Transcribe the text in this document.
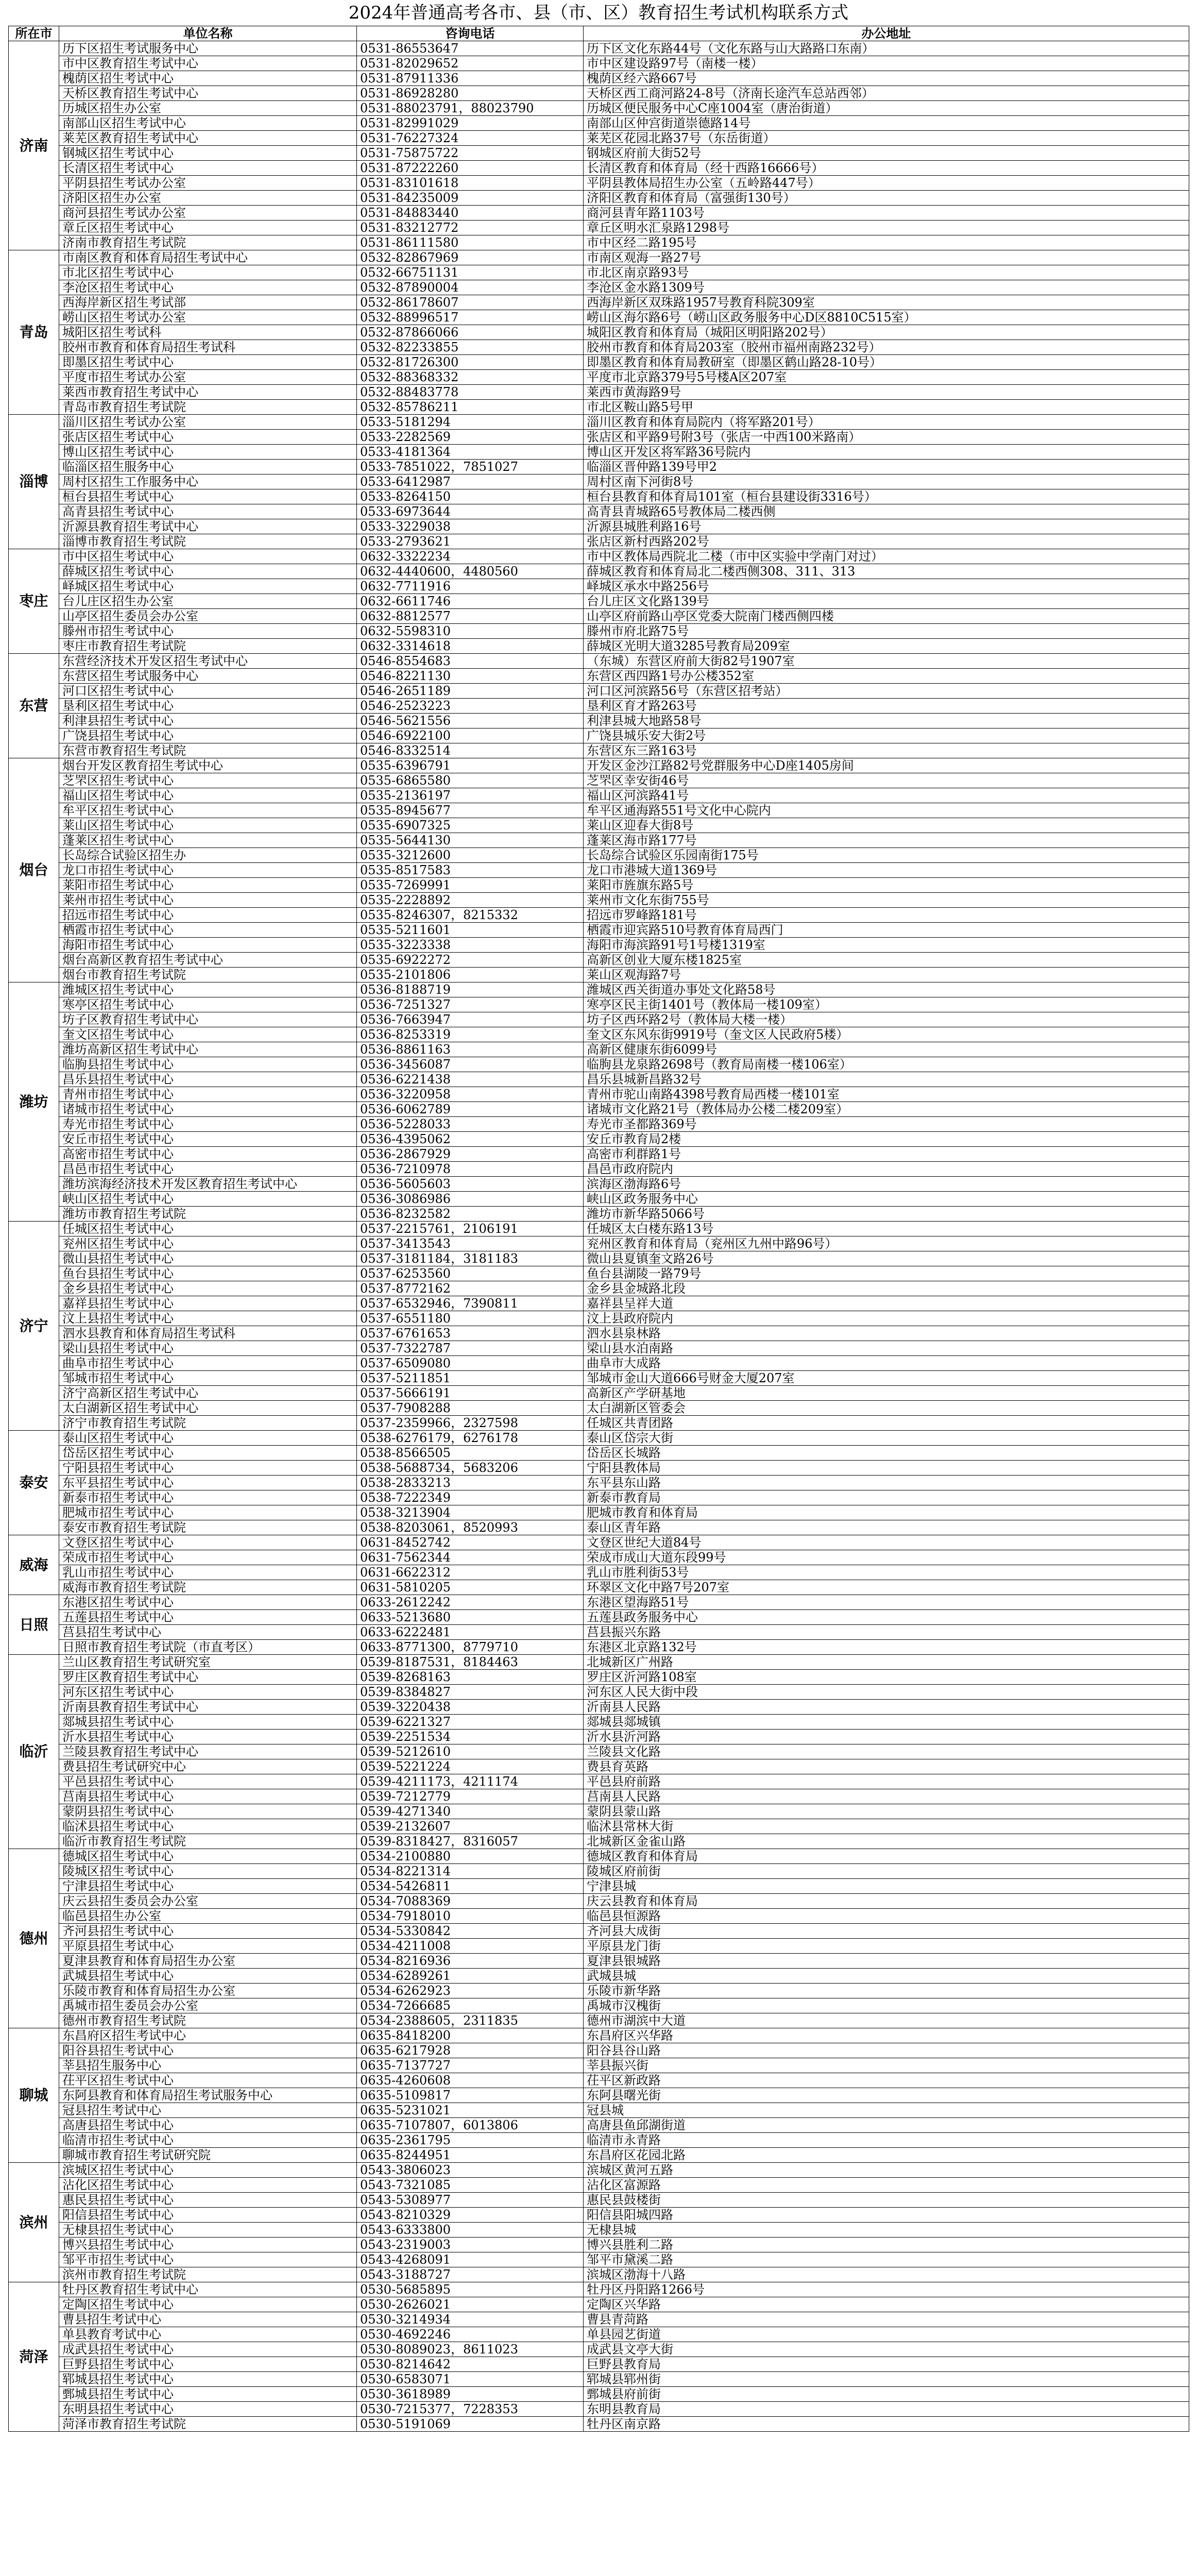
2024年普通高考各市、县（市、区）教育招生考试机构联系方式
所在市	单位名称	咨询电话	办公地址
济南	历下区招生考试服务中心	0531-86553647	历下区文化东路44号（文化东路与山大路路口东南）
	市中区教育招生考试中心	0531-82029652	市中区建设路97号（南楼一楼）
	槐荫区招生考试中心	0531-87911336	槐荫区经六路667号
	天桥区教育招生考试中心	0531-86928280	天桥区西工商河路24-8号（济南长途汽车总站西邻）
	历城区招生办公室	0531-88023791，88023790	历城区便民服务中心C座1004室（唐治街道）
	南部山区招生考试中心	0531-82991029	南部山区仲宫街道崇德路14号
	莱芜区教育招生考试中心	0531-76227324	莱芜区花园北路37号（东岳街道）
	钢城区招生考试中心	0531-75875722	钢城区府前大街52号
	长清区招生考试中心	0531-87222260	长清区教育和体育局（经十西路16666号）
	平阴县招生考试办公室	0531-83101618	平阴县教体局招生办公室（五岭路447号）
	济阳区招生办公室	0531-84235009	济阳区教育和体育局（富强街130号）
	商河县招生考试办公室	0531-84883440	商河县青年路1103号
	章丘区招生考试中心	0531-83212772	章丘区明水汇泉路1298号
	济南市教育招生考试院	0531-86111580	市中区经二路195号
青岛	市南区教育和体育局招生考试中心	0532-82867969	市南区观海一路27号
	市北区招生考试中心	0532-66751131	市北区南京路93号
	李沧区招生考试中心	0532-87890004	李沧区金水路1309号
	西海岸新区招生考试部	0532-86178607	西海岸新区双珠路1957号教育科院309室
	崂山区招生考试办公室	0532-88996517	崂山区海尔路6号（崂山区政务服务中心D区8810C515室）
	城阳区招生考试科	0532-87866066	城阳区教育和体育局（城阳区明阳路202号）
	胶州市教育和体育局招生考试科	0532-82233855	胶州市教育和体育局203室（胶州市福州南路232号）
	即墨区招生考试中心	0532-81726300	即墨区教育和体育局教研室（即墨区鹤山路28-10号）
	平度市招生考试办公室	0532-88368332	平度市北京路379号5号楼A区207室
	莱西市教育招生考试中心	0532-88483778	莱西市黄海路9号
	青岛市教育招生考试院	0532-85786211	市北区鞍山路5号甲
淄博	淄川区招生考试办公室	0533-5181294	淄川区教育和体育局院内（将军路201号）
	张店区招生考试中心	0533-2282569	张店区和平路9号附3号（张店一中西100米路南）
	博山区招生考试中心	0533-4181364	博山区开发区将军路36号院内
	临淄区招生服务中心	0533-7851022，7851027	临淄区晋仲路139号甲2
	周村区招生工作服务中心	0533-6412987	周村区南下河街8号
	桓台县招生考试中心	0533-8264150	桓台县教育和体育局101室（桓台县建设街3316号）
	高青县招生考试中心	0533-6973644	高青县青城路65号教体局二楼西侧
	沂源县教育招生考试中心	0533-3229038	沂源县城胜利路16号
	淄博市教育招生考试院	0533-2793621	张店区新村西路202号
枣庄	市中区招生考试中心	0632-3322234	市中区教体局西院北二楼（市中区实验中学南门对过）
	薛城区招生考试中心	0632-4440600，4480560	薛城区教育和体育局北二楼西侧308、311、313
	峄城区招生考试中心	0632-7711916	峄城区承水中路256号
	台儿庄区招生办公室	0632-6611746	台儿庄区文化路139号
	山亭区招生委员会办公室	0632-8812577	山亭区府前路山亭区党委大院南门楼西侧四楼
	滕州市招生考试中心	0632-5598310	滕州市府北路75号
	枣庄市教育招生考试院	0632-3314618	薛城区光明大道3285号教育局209室
东营	东营经济技术开发区招生考试中心	0546-8554683	（东城）东营区府前大街82号1907室
	东营区招生考试服务中心	0546-8221130	东营区西四路1号办公楼352室
	河口区招生考试中心	0546-2651189	河口区河滨路56号（东营区招考站）
	垦利区招生考试中心	0546-2523223	垦利区育才路263号
	利津县招生考试中心	0546-5621556	利津县城大地路58号
	广饶县招生考试中心	0546-6922100	广饶县城乐安大街2号
	东营市教育招生考试院	0546-8332514	东营区东三路163号
烟台	烟台开发区教育招生考试中心	0535-6396791	开发区金沙江路82号党群服务中心D座1405房间
	芝罘区招生考试中心	0535-6865580	芝罘区幸安街46号
	福山区招生考试中心	0535-2136197	福山区河滨路41号
	牟平区招生考试中心	0535-8945677	牟平区通海路551号文化中心院内
	莱山区招生考试中心	0535-6907325	莱山区迎春大街8号
	蓬莱区招生考试中心	0535-5644130	蓬莱区海市路177号
	长岛综合试验区招生办	0535-3212600	长岛综合试验区乐园南街175号
	龙口市招生考试中心	0535-8517583	龙口市港城大道1369号
	莱阳市招生考试中心	0535-7269991	莱阳市旌旗东路5号
	莱州市招生考试中心	0535-2228892	莱州市文化东街755号
	招远市招生考试中心	0535-8246307，8215332	招远市罗峰路181号
	栖霞市招生考试中心	0535-5211601	栖霞市迎宾路510号教育体育局西门
	海阳市招生考试中心	0535-3223338	海阳市海滨路91号1号楼1319室
	烟台高新区教育招生考试中心	0535-6922272	高新区创业大厦东楼1825室
	烟台市教育招生考试院	0535-2101806	莱山区观海路7号
潍坊	潍城区招生考试中心	0536-8188719	潍城区西关街道办事处文化路58号
	寒亭区招生考试中心	0536-7251327	寒亭区民主街1401号（教体局一楼109室）
	坊子区教育招生考试中心	0536-7663947	坊子区西环路2号（教体局大楼一楼）
	奎文区招生考试中心	0536-8253319	奎文区东风东街9919号（奎文区人民政府5楼）
	潍坊高新区招生考试中心	0536-8861163	高新区健康东街6099号
	临朐县招生考试中心	0536-3456087	临朐县龙泉路2698号（教育局南楼一楼106室）
	昌乐县招生考试中心	0536-6221438	昌乐县城新昌路32号
	青州市招生考试中心	0536-3220958	青州市驼山南路4398号教育局西楼一楼101室
	诸城市招生考试中心	0536-6062789	诸城市文化路21号（教体局办公楼二楼209室）
	寿光市招生考试中心	0536-5228033	寿光市圣都路369号
	安丘市招生考试中心	0536-4395062	安丘市教育局2楼
	高密市招生考试中心	0536-2867929	高密市利群路1号
	昌邑市招生考试中心	0536-7210978	昌邑市政府院内
	潍坊滨海经济技术开发区教育招生考试中心	0536-5605603	滨海区渤海路6号
	峡山区招生考试中心	0536-3086986	峡山区政务服务中心
	潍坊市教育招生考试院	0536-8232582	潍坊市新华路5066号
济宁	任城区招生考试中心	0537-2215761，2106191	任城区太白楼东路13号
	兖州区招生考试中心	0537-3413543	兖州区教育和体育局（兖州区九州中路96号）
	微山县招生考试中心	0537-3181184，3181183	微山县夏镇奎文路26号
	鱼台县招生考试中心	0537-6253560	鱼台县湖陵一路79号
	金乡县招生考试中心	0537-8772162	金乡县金城路北段
	嘉祥县招生考试中心	0537-6532946，7390811	嘉祥县呈祥大道
	汶上县招生考试中心	0537-6551180	汶上县政府院内
	泗水县教育和体育局招生考试科	0537-6761653	泗水县泉林路
	梁山县招生考试中心	0537-7322787	梁山县水泊南路
	曲阜市招生考试中心	0537-6509080	曲阜市大成路
	邹城市招生考试中心	0537-5211851	邹城市金山大道666号财金大厦207室
	济宁高新区招生考试中心	0537-5666191	高新区产学研基地
	太白湖新区招生考试中心	0537-7908288	太白湖新区管委会
	济宁市教育招生考试院	0537-2359966，2327598	任城区共青团路
泰安	泰山区招生考试中心	0538-6276179，6276178	泰山区岱宗大街
	岱岳区招生考试中心	0538-8566505	岱岳区长城路
	宁阳县招生考试中心	0538-5688734，5683206	宁阳县教体局
	东平县招生考试中心	0538-2833213	东平县东山路
	新泰市招生考试中心	0538-7222349	新泰市教育局
	肥城市招生考试中心	0538-3213904	肥城市教育和体育局
	泰安市教育招生考试院	0538-8203061，8520993	泰山区青年路
威海	文登区招生考试中心	0631-8452742	文登区世纪大道84号
	荣成市招生考试中心	0631-7562344	荣成市成山大道东段99号
	乳山市招生考试中心	0631-6622312	乳山市胜利街53号
	威海市教育招生考试院	0631-5810205	环翠区文化中路7号207室
日照	东港区招生考试中心	0633-2612242	东港区望海路51号
	五莲县招生考试中心	0633-5213680	五莲县政务服务中心
	莒县招生考试中心	0633-6222481	莒县振兴东路
	日照市教育招生考试院（市直考区）	0633-8771300，8779710	东港区北京路132号
临沂	兰山区教育招生考试研究室	0539-8187531，8184463	北城新区广州路
	罗庄区教育招生考试中心	0539-8268163	罗庄区沂河路108室
	河东区招生考试中心	0539-8384827	河东区人民大街中段
	沂南县教育招生考试中心	0539-3220438	沂南县人民路
	郯城县招生考试中心	0539-6221327	郯城县郯城镇
	沂水县招生考试中心	0539-2251534	沂水县沂河路
	兰陵县教育招生考试中心	0539-5212610	兰陵县文化路
	费县招生考试研究中心	0539-5221224	费县育英路
	平邑县招生考试中心	0539-4211173，4211174	平邑县府前路
	莒南县招生考试中心	0539-7212779	莒南县人民路
	蒙阴县招生考试中心	0539-4271340	蒙阴县蒙山路
	临沭县招生考试中心	0539-2132607	临沭县常林大街
	临沂市教育招生考试院	0539-8318427，8316057	北城新区金雀山路
德州	德城区招生考试中心	0534-2100880	德城区教育和体育局
	陵城区招生考试中心	0534-8221314	陵城区府前街
	宁津县招生考试中心	0534-5426811	宁津县城
	庆云县招生委员会办公室	0534-7088369	庆云县教育和体育局
	临邑县招生办公室	0534-7918010	临邑县恒源路
	齐河县招生考试中心	0534-5330842	齐河县大成街
	平原县招生考试中心	0534-4211008	平原县龙门街
	夏津县教育和体育局招生办公室	0534-8216936	夏津县银城路
	武城县招生考试中心	0534-6289261	武城县城
	乐陵市教育和体育局招生办公室	0534-6262923	乐陵市新华路
	禹城市招生委员会办公室	0534-7266685	禹城市汉槐街
	德州市教育招生考试院	0534-2388605，2311835	德州市湖滨中大道
聊城	东昌府区招生考试中心	0635-8418200	东昌府区兴华路
	阳谷县招生考试中心	0635-6217928	阳谷县谷山路
	莘县招生服务中心	0635-7137727	莘县振兴街
	茌平区招生考试中心	0635-4260608	茌平区新政路
	东阿县教育和体育局招生考试服务中心	0635-5109817	东阿县曙光街
	冠县招生考试中心	0635-5231021	冠县城
	高唐县招生考试中心	0635-7107807，6013806	高唐县鱼邱湖街道
	临清市招生考试中心	0635-2361795	临清市永青路
	聊城市教育招生考试研究院	0635-8244951	东昌府区花园北路
滨州	滨城区招生考试中心	0543-3806023	滨城区黄河五路
	沾化区招生考试中心	0543-7321085	沾化区富源路
	惠民县招生考试中心	0543-5308977	惠民县鼓楼街
	阳信县招生考试中心	0543-8210329	阳信县阳城四路
	无棣县招生考试中心	0543-6333800	无棣县城
	博兴县招生考试中心	0543-2319003	博兴县胜利二路
	邹平市招生考试中心	0543-4268091	邹平市黛溪二路
	滨州市教育招生考试院	0543-3188727	滨城区渤海十八路
菏泽	牡丹区教育招生考试中心	0530-5685895	牡丹区丹阳路1266号
	定陶区招生考试中心	0530-2626021	定陶区兴华路
	曹县招生考试中心	0530-3214934	曹县青菏路
	单县教育考试中心	0530-4692246	单县园艺街道
	成武县招生考试中心	0530-8089023，8611023	成武县文亭大街
	巨野县招生考试中心	0530-8214642	巨野县教育局
	郓城县招生考试中心	0530-6583071	郓城县郓州街
	鄄城县招生考试中心	0530-3618989	鄄城县府前街
	东明县招生考试中心	0530-7215377，7228353	东明县教育局
	菏泽市教育招生考试院	0530-5191069	牡丹区南京路
